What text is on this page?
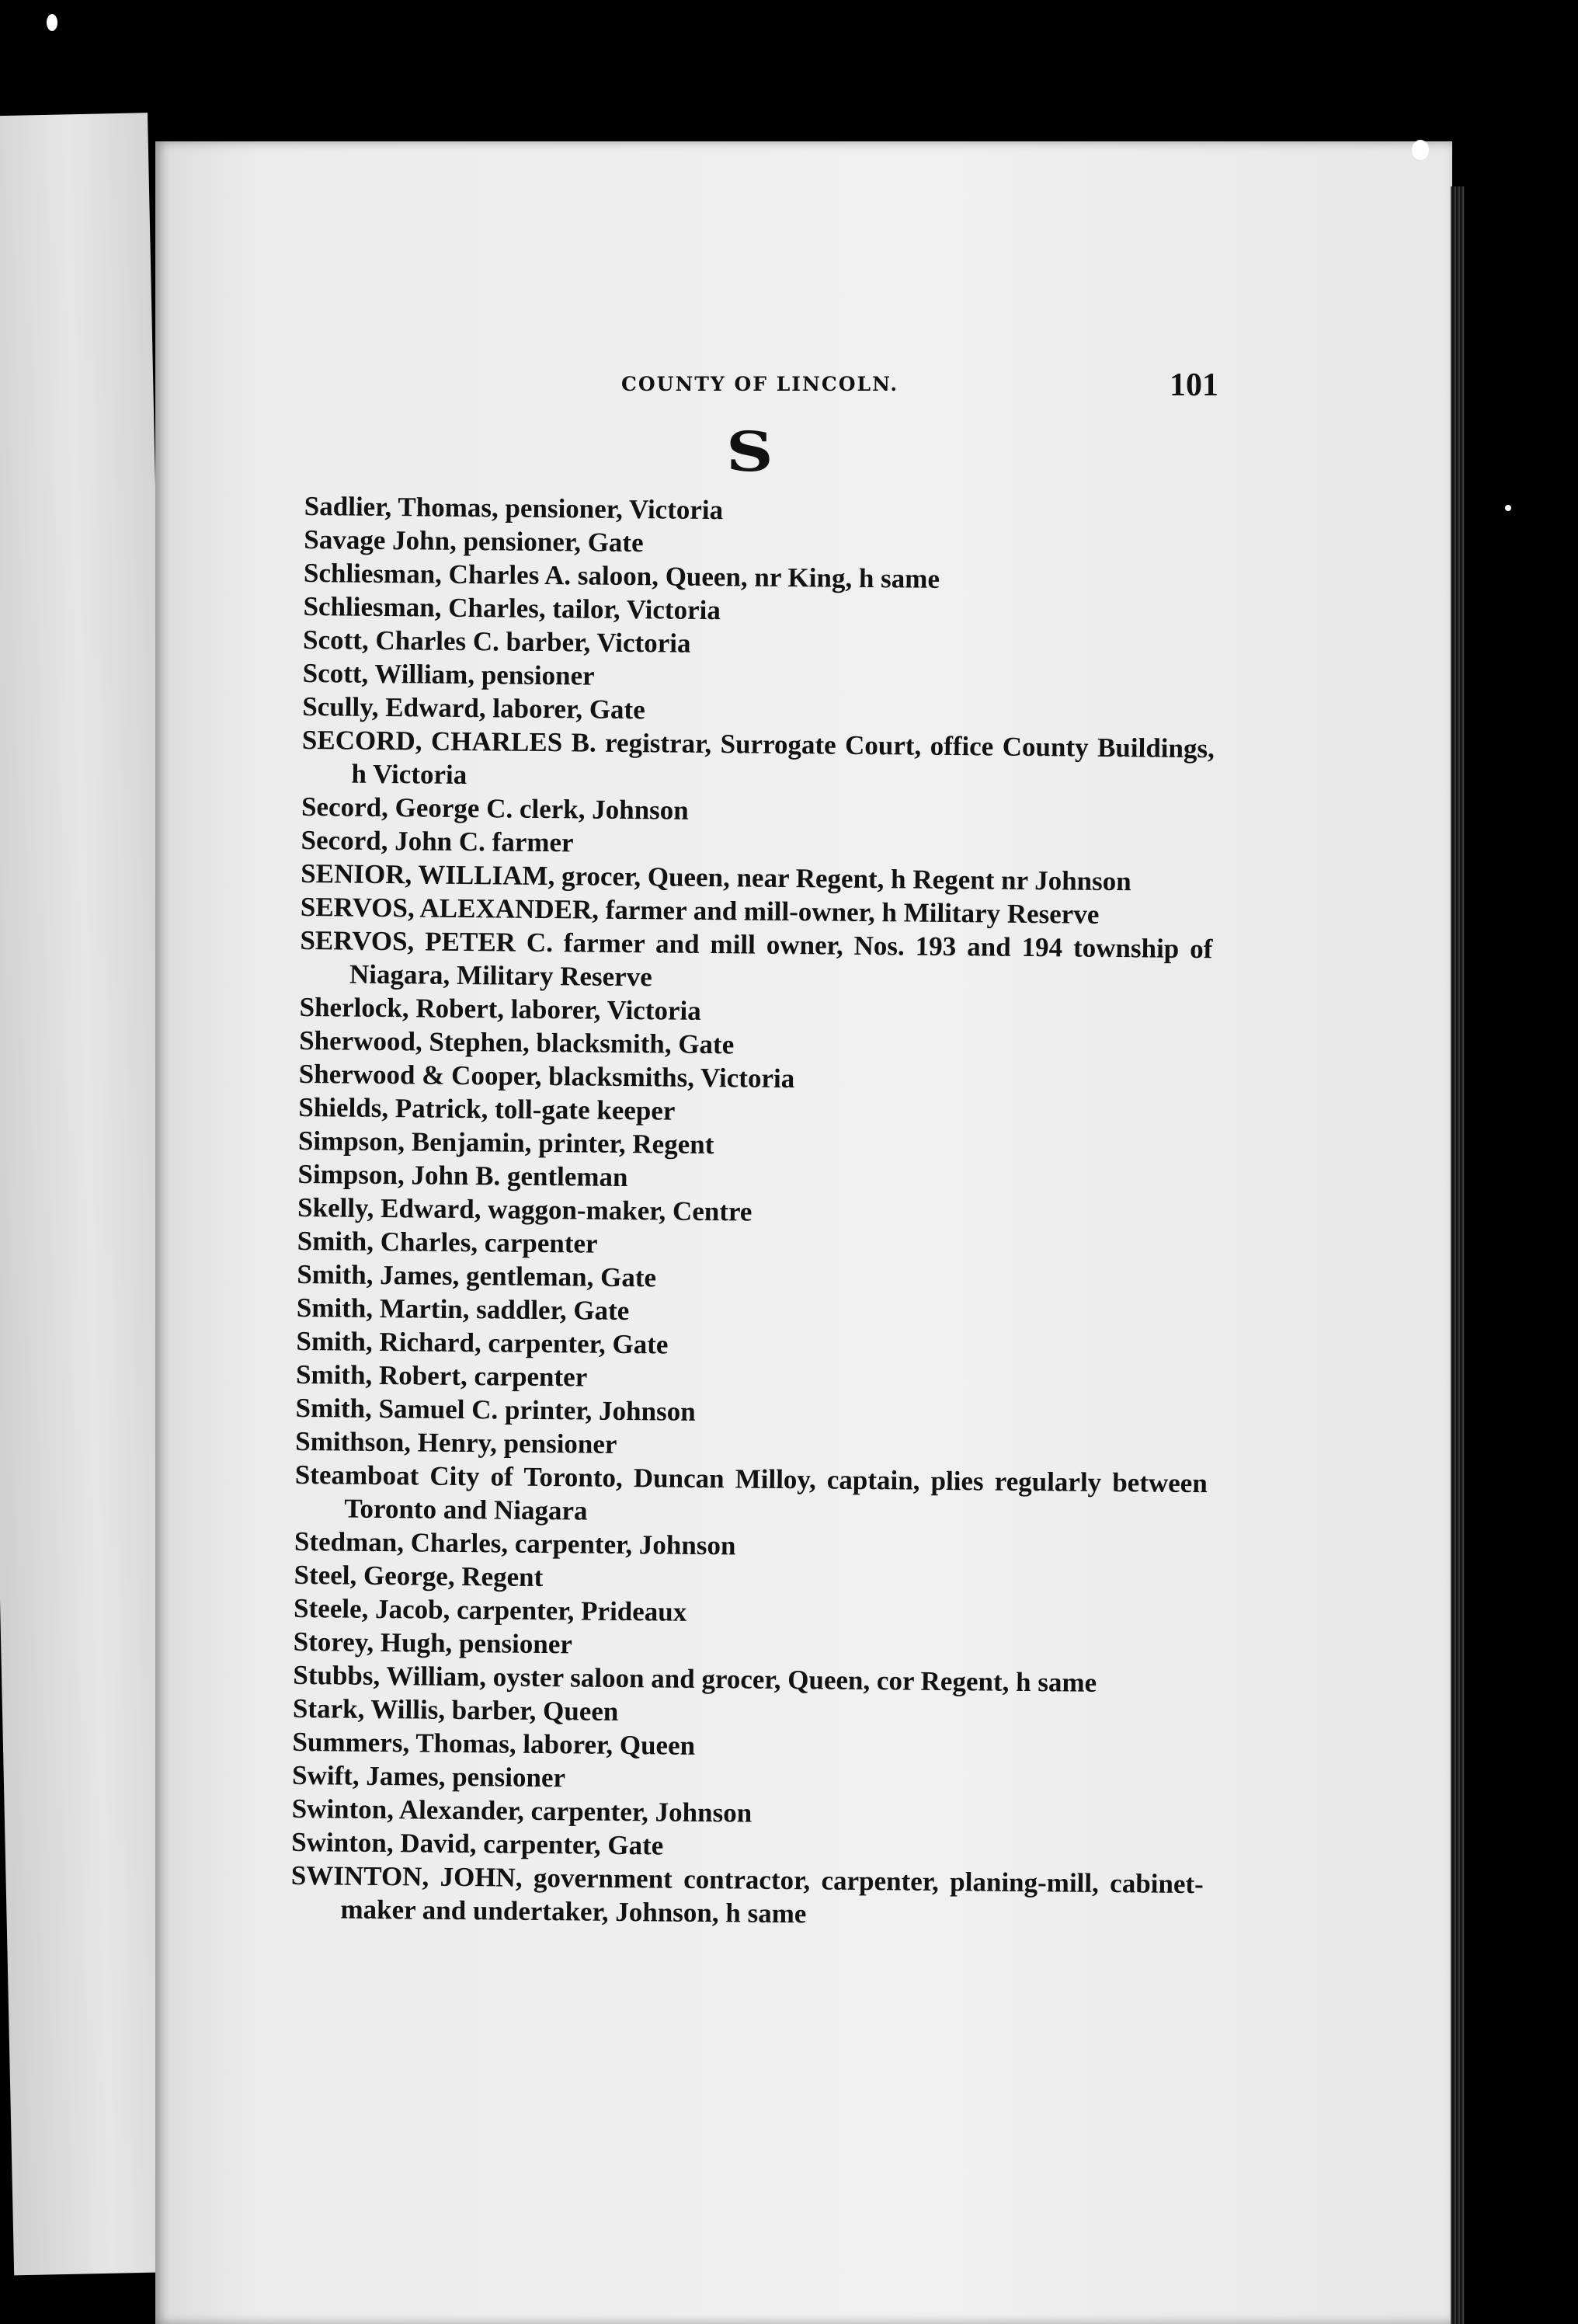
COUNTY OF LINCOLN.	101
S
Sadlier, Thomas, pensioner, Victoria
Savage John, pensioner, Gate
Schliesman, Charles A. saloon, Queen, nr King, h same
Schliesman, Charles, tailor, Victoria
Scott, Charles C. barber, Victoria
Scott, William, pensioner
Scully, Edward, laborer, Gate
SECORD, CHARLES B. registrar, Surrogate Court, office County Buildings, h Victoria
Secord, George C. clerk, Johnson
Secord, John C. farmer
SENIOR, WILLIAM, grocer, Queen, near Regent, h Regent nr Johnson
SERVOS, ALEXANDER, farmer and mill-owner, h Military Reserve
SERVOS, PETER C. farmer and mill owner, Nos. 193 and 194 township of Niagara, Military Reserve
Sherlock, Robert, laborer, Victoria
Sherwood, Stephen, blacksmith, Gate
Sherwood & Cooper, blacksmiths, Victoria
Shields, Patrick, toll-gate keeper
Simpson, Benjamin, printer, Regent
Simpson, John B. gentleman
Skelly, Edward, waggon-maker, Centre
Smith, Charles, carpenter
Smith, James, gentleman, Gate
Smith, Martin, saddler, Gate
Smith, Richard, carpenter, Gate
Smith, Robert, carpenter
Smith, Samuel C. printer, Johnson
Smithson, Henry, pensioner
Steamboat City of Toronto, Duncan Milloy, captain, plies regularly between Toronto and Niagara
Stedman, Charles, carpenter, Johnson
Steel, George, Regent
Steele, Jacob, carpenter, Prideaux
Storey, Hugh, pensioner
Stubbs, William, oyster saloon and grocer, Queen, cor Regent, h same
Stark, Willis, barber, Queen
Summers, Thomas, laborer, Queen
Swift, James, pensioner
Swinton, Alexander, carpenter, Johnson
Swinton, David, carpenter, Gate
SWINTON, JOHN, government contractor, carpenter, planing-mill, cabinet-maker and undertaker, Johnson, h same
